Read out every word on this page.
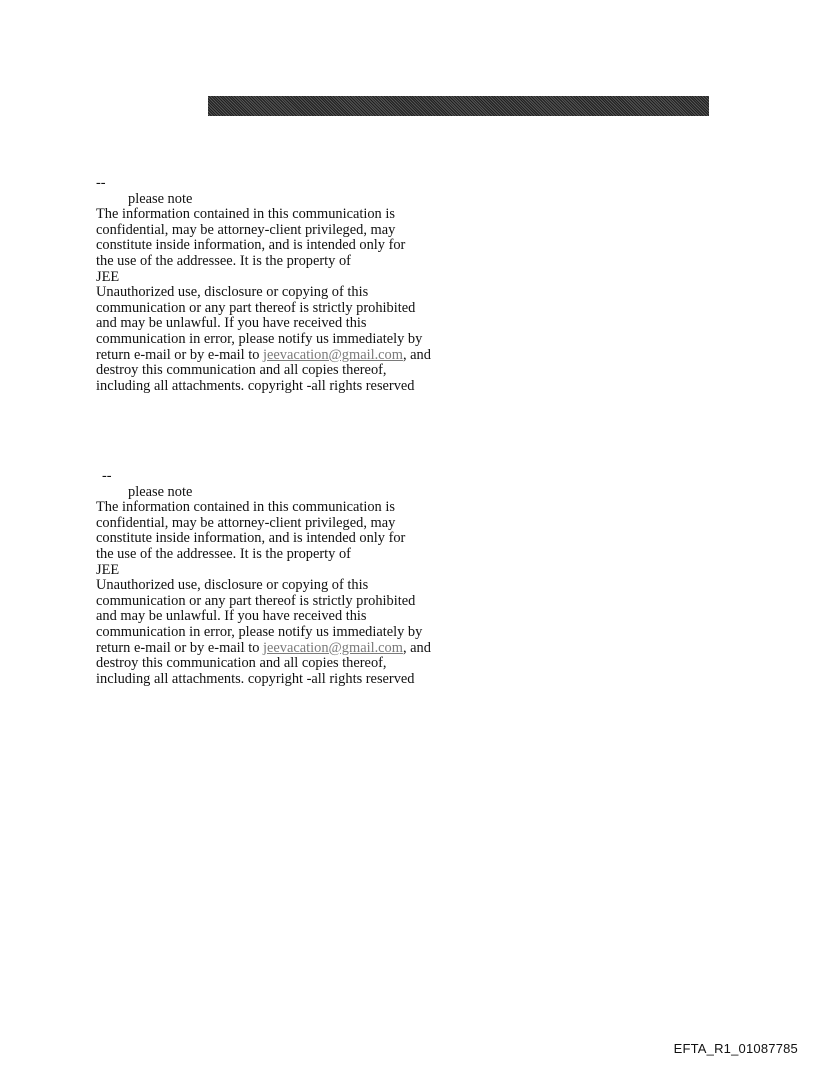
--
please note
The information contained in this communication is
confidential, may be attorney-client privileged, may
constitute inside information, and is intended only for
the use of the addressee. It is the property of
JEE
Unauthorized use, disclosure or copying of this
communication or any part thereof is strictly prohibited
and may be unlawful. If you have received this
communication in error, please notify us immediately by
return e-mail or by e-mail to jeevacation@gmail.com, and
destroy this communication and all copies thereof,
including all attachments. copyright -all rights reserved
--
please note
The information contained in this communication is
confidential, may be attorney-client privileged, may
constitute inside information, and is intended only for
the use of the addressee. It is the property of
JEE
Unauthorized use, disclosure or copying of this
communication or any part thereof is strictly prohibited
and may be unlawful. If you have received this
communication in error, please notify us immediately by
return e-mail or by e-mail to jeevacation@gmail.com, and
destroy this communication and all copies thereof,
including all attachments. copyright -all rights reserved
EFTA_R1_01087785
